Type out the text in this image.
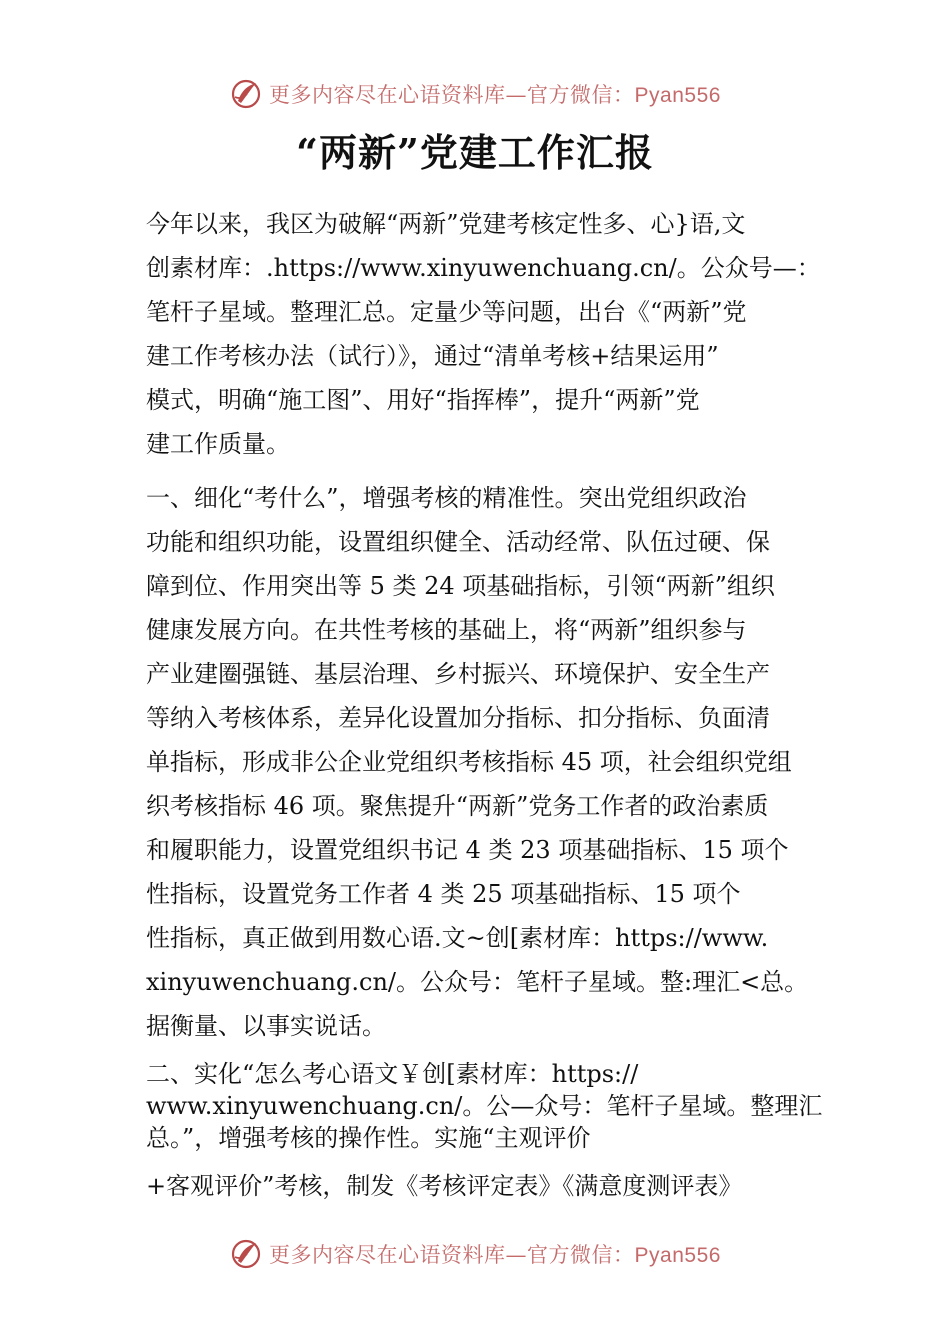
更多内容尽在心语资料库—官方微信：Pyan556
“两新”党建工作汇报

今年以来，我区为破解“两新”党建考核定性多、心}语,文
创素材库：.https://www.xinyuwenchuang.cn/。公众号—：
笔杆子星域。整理汇总。定量少等问题，出台《“两新”党
建工作考核办法（试行）》，通过“清单考核+结果运用”
模式，明确“施工图”、用好“指挥棒”，提升“两新”党
建工作质量。

一、细化“考什么”，增强考核的精准性。突出党组织政治
功能和组织功能，设置组织健全、活动经常、队伍过硬、保
障到位、作用突出等 5 类 24 项基础指标，引领“两新”组织
健康发展方向。在共性考核的基础上，将“两新”组织参与
产业建圈强链、基层治理、乡村振兴、环境保护、安全生产
等纳入考核体系，差异化设置加分指标、扣分指标、负面清
单指标，形成非公企业党组织考核指标 45 项，社会组织党组
织考核指标 46 项。聚焦提升“两新”党务工作者的政治素质
和履职能力，设置党组织书记 4 类 23 项基础指标、15 项个
性指标，设置党务工作者 4 类 25 项基础指标、15 项个
性指标，真正做到用数心语.文~创[素材库：https://www.
xinyuwenchuang.cn/。公众号：笔杆子星域。整:理汇<总。
据衡量、以事实说话。

二、实化“怎么考心语文￥创[素材库：https://
www.xinyuwenchuang.cn/。公—众号：笔杆子星域。整理汇
总。”，增强考核的操作性。实施“主观评价

+客观评价”考核，制发《考核评定表》《满意度测评表》

更多内容尽在心语资料库—官方微信：Pyan556
